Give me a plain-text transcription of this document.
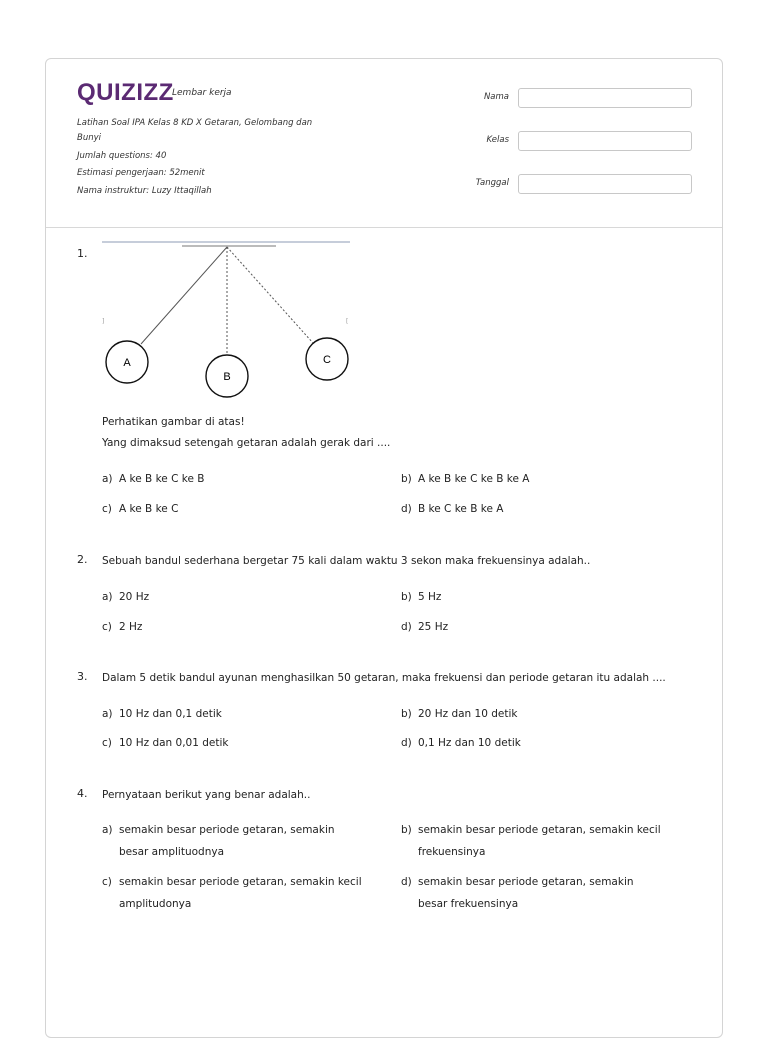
QUIZIZZ
Lembar kerja
Latihan Soal IPA Kelas 8 KD X Getaran, Gelombang dan
Bunyi
Jumlah questions: 40
Estimasi pengerjaan: 52menit
Nama instruktur: Luzy Ittaqillah
Nama
Kelas
Tanggal
1.
]	[
A
B
C
Perhatikan gambar di atas!
Yang dimaksud setengah getaran adalah gerak dari ....
a) A ke B ke C ke B	b) A ke B ke C ke B ke A
c) A ke B ke C	d) B ke C ke B ke A
2. Sebuah bandul sederhana bergetar 75 kali dalam waktu 3 sekon maka frekuensinya adalah..
a) 20 Hz	b) 5 Hz
c) 2 Hz	d) 25 Hz
3. Dalam 5 detik bandul ayunan menghasilkan 50 getaran, maka frekuensi dan periode getaran itu adalah ....
a) 10 Hz dan 0,1 detik	b) 20 Hz dan 10 detik
c) 10 Hz dan 0,01 detik	d) 0,1 Hz dan 10 detik
4. Pernyataan berikut yang benar adalah..
a) semakin besar periode getaran, semakin besar amplituodnya
b) semakin besar periode getaran, semakin kecil frekuensinya
c) semakin besar periode getaran, semakin kecil amplitudonya
d) semakin besar periode getaran, semakin besar frekuensinya
